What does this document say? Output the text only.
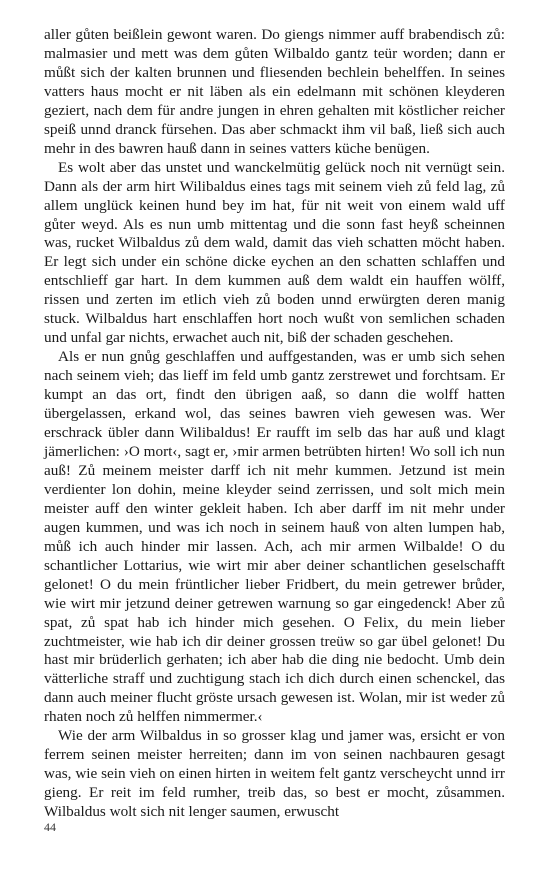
aller gůten beißlein gewont waren. Do giengs nimmer auff brabendisch zů: malmasier und mett was dem gůten Wilbaldo gantz teür worden; dann er můßt sich der kalten brunnen und fliesenden bechlein behelffen. In seines vatters haus mocht er nit läben als ein edelmann mit schönen kleyderen geziert, nach dem für andre jungen in ehren gehalten mit köstlicher reicher speiß unnd dranck fürsehen. Das aber schmackt ihm vil baß, ließ sich auch mehr in des bawren hauß dann in seines vatters küche benügen.

Es wolt aber das unstet und wanckelmütig gelück noch nit vernügt sein. Dann als der arm hirt Wilibaldus eines tags mit seinem vieh zů feld lag, zů allem unglück keinen hund bey im hat, für nit weit von einem wald uff gůter weyd. Als es nun umb mittentag und die sonn fast heyß scheinnen was, rucket Wilbaldus zů dem wald, damit das vieh schatten möcht haben. Er legt sich under ein schöne dicke eychen an den schatten schlaffen und entschlieff gar hart. In dem kummen auß dem waldt ein hauffen wölff, rissen und zerten im etlich vieh zů boden unnd erwürgten deren manig stuck. Wilbaldus hart enschlaffen hort noch wußt von semlichen schaden und unfal gar nichts, erwachet auch nit, biß der schaden geschehen.

Als er nun gnůg geschlaffen und auffgestanden, was er umb sich sehen nach seinem vieh; das lieff im feld umb gantz zerstrewet und forchtsam. Er kumpt an das ort, findt den übrigen aaß, so dann die wolff hatten übergelassen, erkand wol, das seines bawren vieh gewesen was. Wer erschrack übler dann Wilibaldus! Er raufft im selb das har auß und klagt jämerlichen: ›O mort‹, sagt er, ›mir armen betrübten hirten! Wo soll ich nun auß! Zů meinem meister darff ich nit mehr kummen. Jetzund ist mein verdienter lon dohin, meine kleyder seind zerrissen, und solt mich mein meister auff den winter gekleit haben. Ich aber darff im nit mehr under augen kummen, und was ich noch in seinem hauß von alten lumpen hab, můß ich auch hinder mir lassen. Ach, ach mir armen Wilbalde! O du schantlicher Lottarius, wie wirt mir aber deiner schantlichen geselschafft gelonet! O du mein früntlicher lieber Fridbert, du mein getrewer brůder, wie wirt mir jetzund deiner getrewen warnung so gar eingedenck! Aber zů spat, zů spat hab ich hinder mich gesehen. O Felix, du mein lieber zuchtmeister, wie hab ich dir deiner grossen treüw so gar übel gelonet! Du hast mir brüderlich gerhaten; ich aber hab die ding nie bedocht. Umb dein vätterliche straff und zuchtigung stach ich dich durch einen schenckel, das dann auch meiner flucht gröste ursach gewesen ist. Wolan, mir ist weder zů rhaten noch zů helffen nimmermer.‹

Wie der arm Wilbaldus in so grosser klag und jamer was, ersicht er von ferrem seinen meister herreiten; dann im von seinen nachbauren gesagt was, wie sein vieh on einen hirten in weitem felt gantz verscheycht unnd irr gieng. Er reit im feld rumher, treib das, so best er mocht, zůsammen. Wilbaldus wolt sich nit lenger saumen, erwuscht

44
